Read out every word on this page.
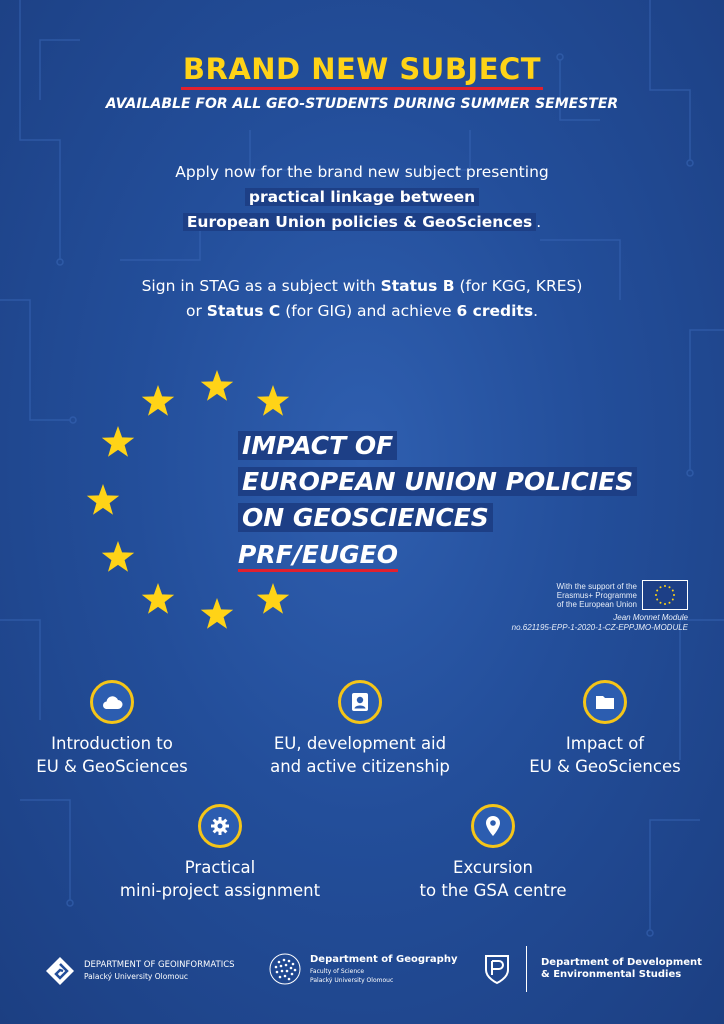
BRAND NEW SUBJECT
AVAILABLE FOR ALL GEO-STUDENTS DURING SUMMER SEMESTER
Apply now for the brand new subject presenting
practical linkage between
European Union policies & GeoSciences .
Sign in STAG as a subject with Status B (for KGG, KRES)
or Status C (for GIG) and achieve 6 credits.
IMPACT OF
EUROPEAN UNION POLICIES
ON GEOSCIENCES
PRF/EUGEO
With the support of the
Erasmus+ Programme
of the European Union
Jean Monnet Module
no.621195-EPP-1-2020-1-CZ-EPPJMO-MODULE
Introduction to
EU & GeoSciences
EU, development aid
and active citizenship
Impact of
EU & GeoSciences
Practical
mini-project assignment
Excursion
to the GSA centre
DEPARTMENT OF GEOINFORMATICS
Palacký University Olomouc
Department of Geography
Faculty of Science
Palacký University Olomouc
Department of Development
& Environmental Studies
